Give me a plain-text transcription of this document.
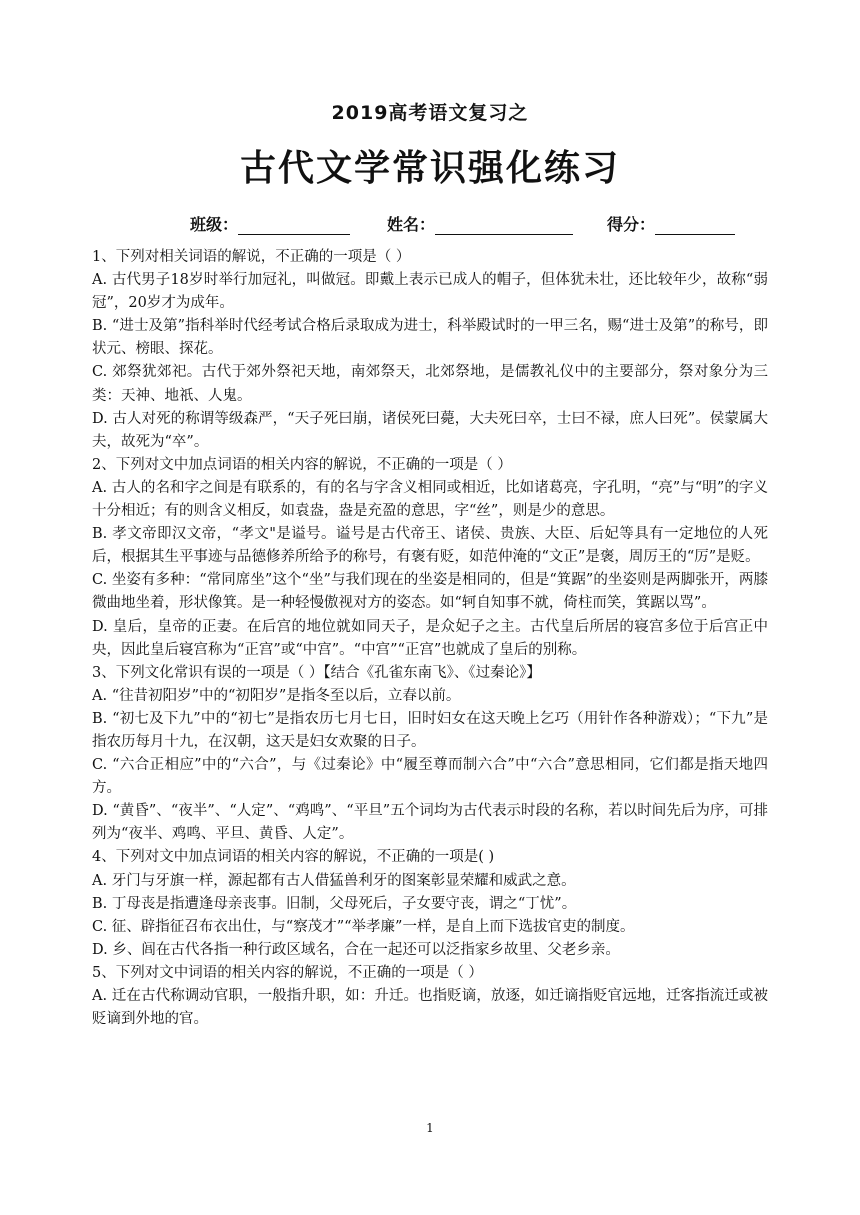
2019高考语文复习之
古代文学常识强化练习
班级：	姓名：	得分：

1、下列对相关词语的解说，不正确的一项是（ ）

A. 古代男子18岁时举行加冠礼，叫做冠。即戴上表示已成人的帽子，但体犹未壮，还比较年少，故称“弱冠”，20岁才为成年。

B. “进士及第”指科举时代经考试合格后录取成为进士，科举殿试时的一甲三名，赐“进士及第”的称号，即状元、榜眼、探花。

C. 郊祭犹郊祀。古代于郊外祭祀天地，南郊祭天，北郊祭地，是儒教礼仪中的主要部分，祭对象分为三类：天神、地祇、人鬼。

D. 古人对死的称谓等级森严，“天子死曰崩，诸侯死曰薨，大夫死曰卒，士曰不禄，庶人曰死”。侯蒙属大夫，故死为“卒”。

2、下列对文中加点词语的相关内容的解说，不正确的一项是（ ）

A. 古人的名和字之间是有联系的，有的名与字含义相同或相近，比如诸葛亮，字孔明，“亮”与“明”的字义十分相近；有的则含义相反，如袁盎，盎是充盈的意思，字“丝”，则是少的意思。

B. 孝文帝即汉文帝，“孝文"是谥号。谥号是古代帝王、诸侯、贵族、大臣、后妃等具有一定地位的人死后，根据其生平事迹与品德修养所给予的称号，有褒有贬，如范仲淹的“文正”是褒，周厉王的“厉”是贬。

C. 坐姿有多种：“常同席坐”这个“坐”与我们现在的坐姿是相同的，但是“箕踞”的坐姿则是两脚张开，两膝微曲地坐着，形状像箕。是一种轻慢傲视对方的姿态。如“轲自知事不就，倚柱而笑，箕踞以骂”。

D. 皇后，皇帝的正妻。在后宫的地位就如同天子，是众妃子之主。古代皇后所居的寝宫多位于后宫正中央，因此皇后寝宫称为“正宫”或“中宫”。“中宫”“正宫”也就成了皇后的别称。

3、下列文化常识有误的一项是（ ）【结合《孔雀东南飞》、《过秦论》】

A. “往昔初阳岁”中的“初阳岁”是指冬至以后，立春以前。

B. “初七及下九”中的“初七”是指农历七月七日，旧时妇女在这天晚上乞巧（用针作各种游戏）；“下九”是指农历每月十九，在汉朝，这天是妇女欢聚的日子。

C. “六合正相应”中的“六合”，与《过秦论》中“履至尊而制六合”中“六合”意思相同，它们都是指天地四方。

D. “黄昏”、“夜半”、“人定”、“鸡鸣”、“平旦”五个词均为古代表示时段的名称，若以时间先后为序，可排列为“夜半、鸡鸣、平旦、黄昏、人定”。

4、下列对文中加点词语的相关内容的解说，不正确的一项是( )

A. 牙门与牙旗一样，源起都有古人借猛兽利牙的图案彰显荣耀和威武之意。

B. 丁母丧是指遭逢母亲丧事。旧制，父母死后，子女要守丧，谓之“丁忧”。

C. 征、辟指征召布衣出仕，与“察茂才”“举孝廉”一样，是自上而下选拔官吏的制度。

D. 乡、闾在古代各指一种行政区域名，合在一起还可以泛指家乡故里、父老乡亲。

5、下列对文中词语的相关内容的解说，不正确的一项是（ ）

A. 迁在古代称调动官职，一般指升职，如：升迁。也指贬谪，放逐，如迁谪指贬官远地，迁客指流迁或被贬谪到外地的官。

1
